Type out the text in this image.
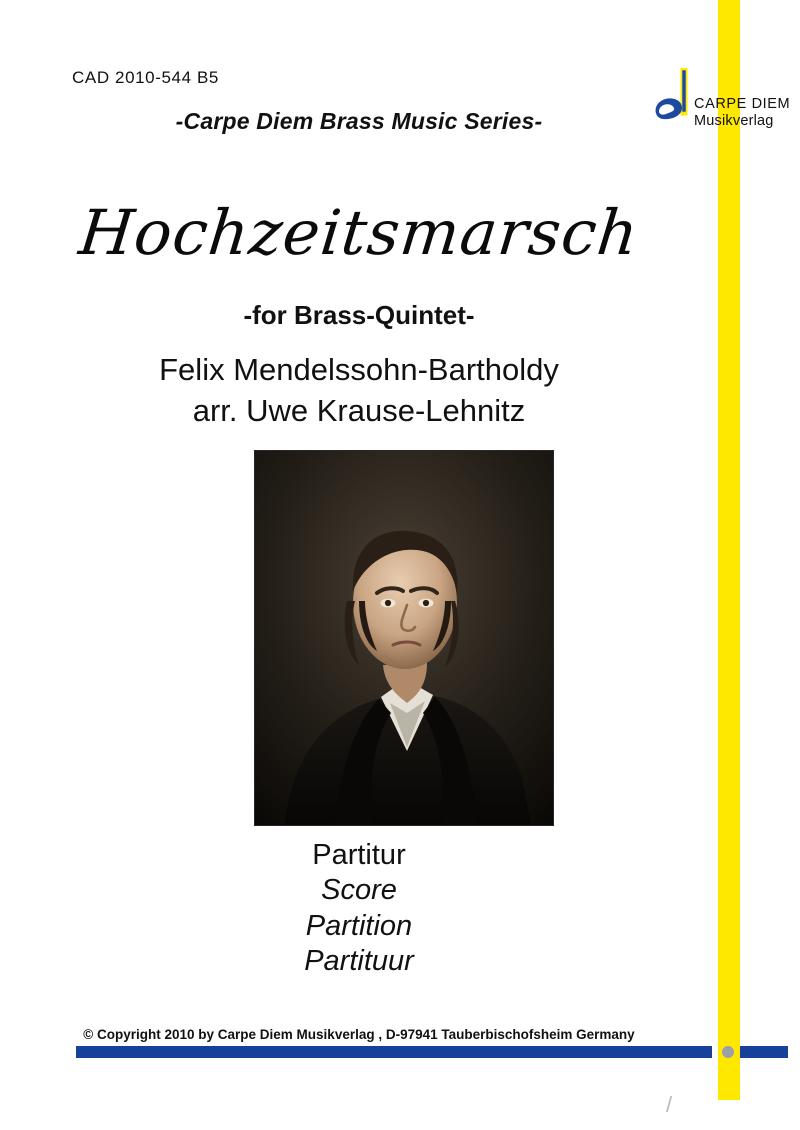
CAD 2010-544 B5
CARPE DIEM
Musikverlag
-Carpe Diem Brass Music Series-
Hochzeitsmarsch
-for Brass-Quintet-
Felix Mendelssohn-Bartholdy
arr. Uwe Krause-Lehnitz
Partitur
Score
Partition
Partituur
© Copyright 2010 by Carpe Diem Musikverlag , D-97941 Tauberbischofsheim Germany
/
